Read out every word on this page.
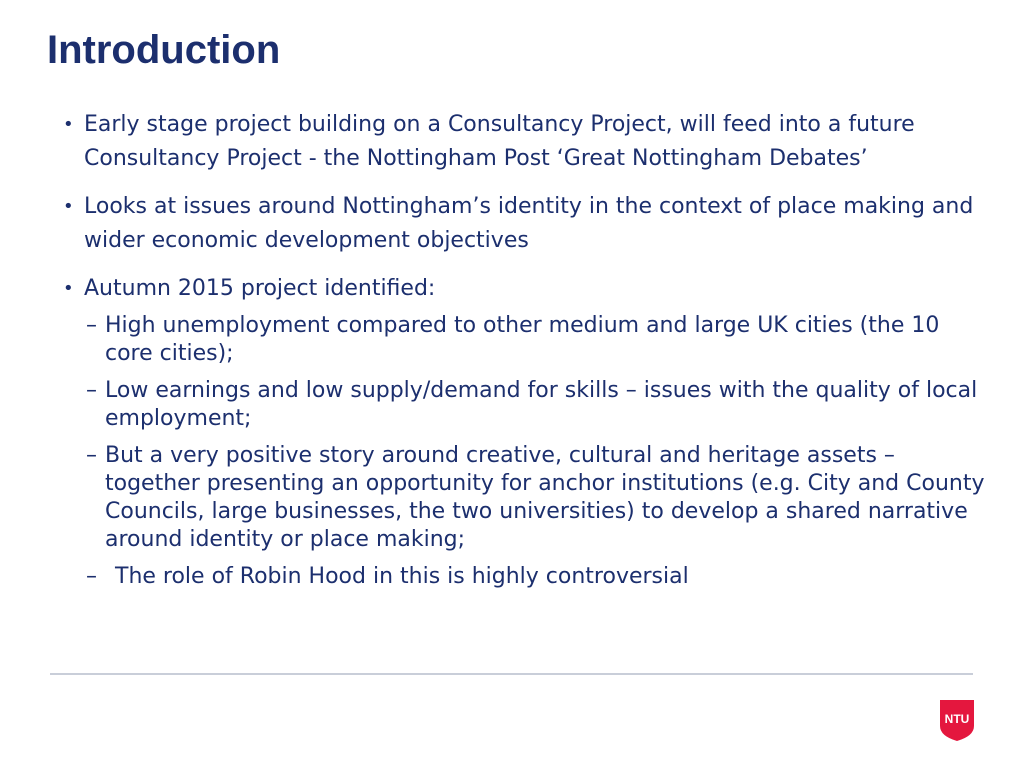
Introduction
• Early stage project building on a Consultancy Project, will feed into a future Consultancy Project - the Nottingham Post ‘Great Nottingham Debates’
• Looks at issues around Nottingham’s identity in the context of place making and wider economic development objectives
• Autumn 2015 project identified:
– High unemployment compared to other medium and large UK cities (the 10 core cities);
– Low earnings and low supply/demand for skills – issues with the quality of local employment;
– But a very positive story around creative, cultural and heritage assets – together presenting an opportunity for anchor institutions (e.g. City and County Councils, large businesses, the two universities) to develop a shared narrative around identity or place making;
– The role of Robin Hood in this is highly controversial
NTU
